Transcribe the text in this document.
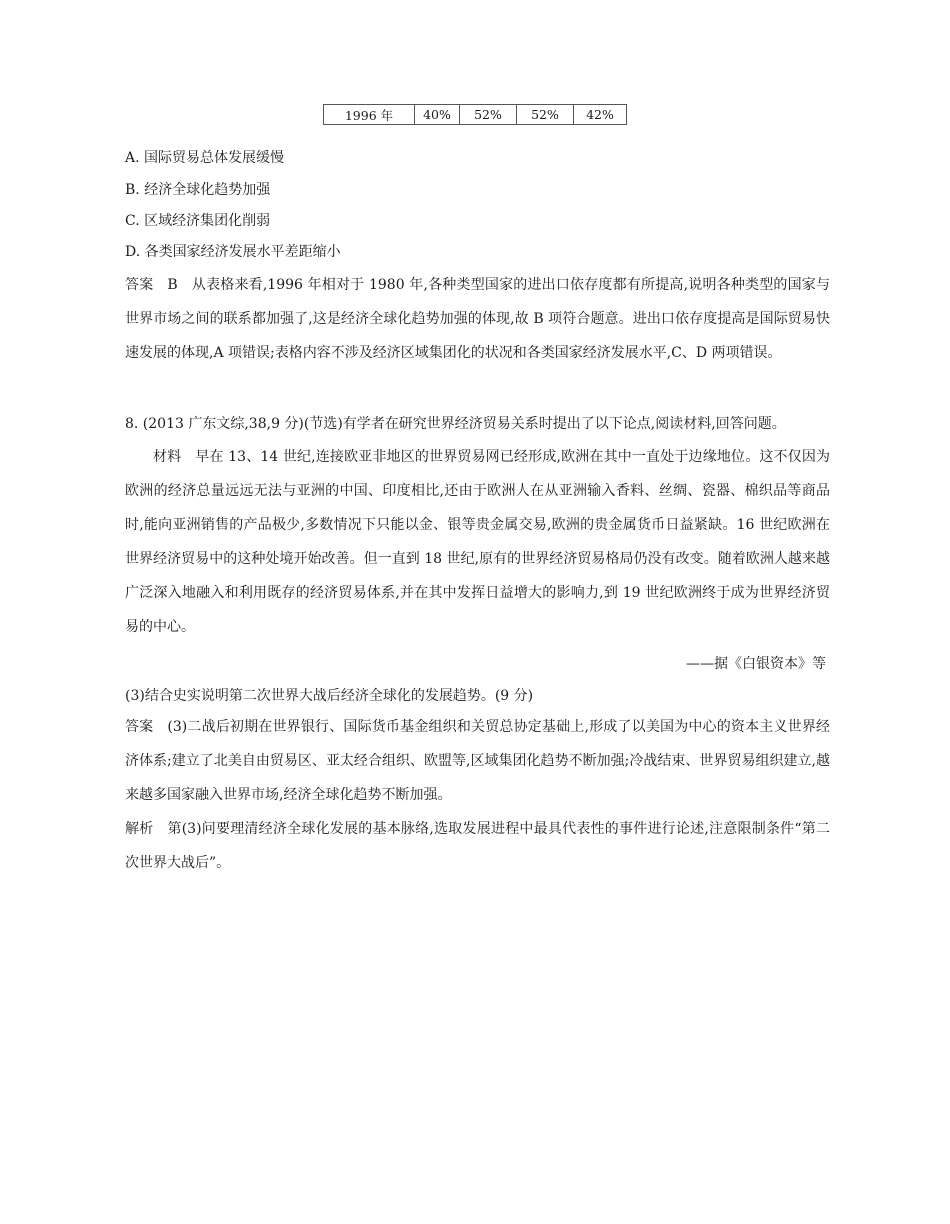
1996 年	40%	52%	52%	42%
A. 国际贸易总体发展缓慢
B. 经济全球化趋势加强
C. 区域经济集团化削弱
D. 各类国家经济发展水平差距缩小

答案 B 从表格来看,1996 年相对于 1980 年,各种类型国家的进出口依存度都有所提高,说明各种类型的国家与世界市场之间的联系都加强了,这是经济全球化趋势加强的体现,故 B 项符合题意。进出口依存度提高是国际贸易快速发展的体现,A 项错误;表格内容不涉及经济区域集团化的状况和各类国家经济发展水平,C、D 两项错误。

8. (2013 广东文综,38,9 分)(节选)有学者在研究世界经济贸易关系时提出了以下论点,阅读材料,回答问题。

材料 早在 13、14 世纪,连接欧亚非地区的世界贸易网已经形成,欧洲在其中一直处于边缘地位。这不仅因为欧洲的经济总量远远无法与亚洲的中国、印度相比,还由于欧洲人在从亚洲输入香料、丝绸、瓷器、棉织品等商品时,能向亚洲销售的产品极少,多数情况下只能以金、银等贵金属交易,欧洲的贵金属货币日益紧缺。16 世纪欧洲在世界经济贸易中的这种处境开始改善。但一直到 18 世纪,原有的世界经济贸易格局仍没有改变。随着欧洲人越来越广泛深入地融入和利用既存的经济贸易体系,并在其中发挥日益增大的影响力,到 19 世纪欧洲终于成为世界经济贸易的中心。

——据《白银资本》等
(3)结合史实说明第二次世界大战后经济全球化的发展趋势。(9 分)

答案 (3)二战后初期在世界银行、国际货币基金组织和关贸总协定基础上,形成了以美国为中心的资本主义世界经济体系;建立了北美自由贸易区、亚太经合组织、欧盟等,区域集团化趋势不断加强;冷战结束、世界贸易组织建立,越来越多国家融入世界市场,经济全球化趋势不断加强。

解析 第(3)问要理清经济全球化发展的基本脉络,选取发展进程中最具代表性的事件进行论述,注意限制条件“第二次世界大战后”。
